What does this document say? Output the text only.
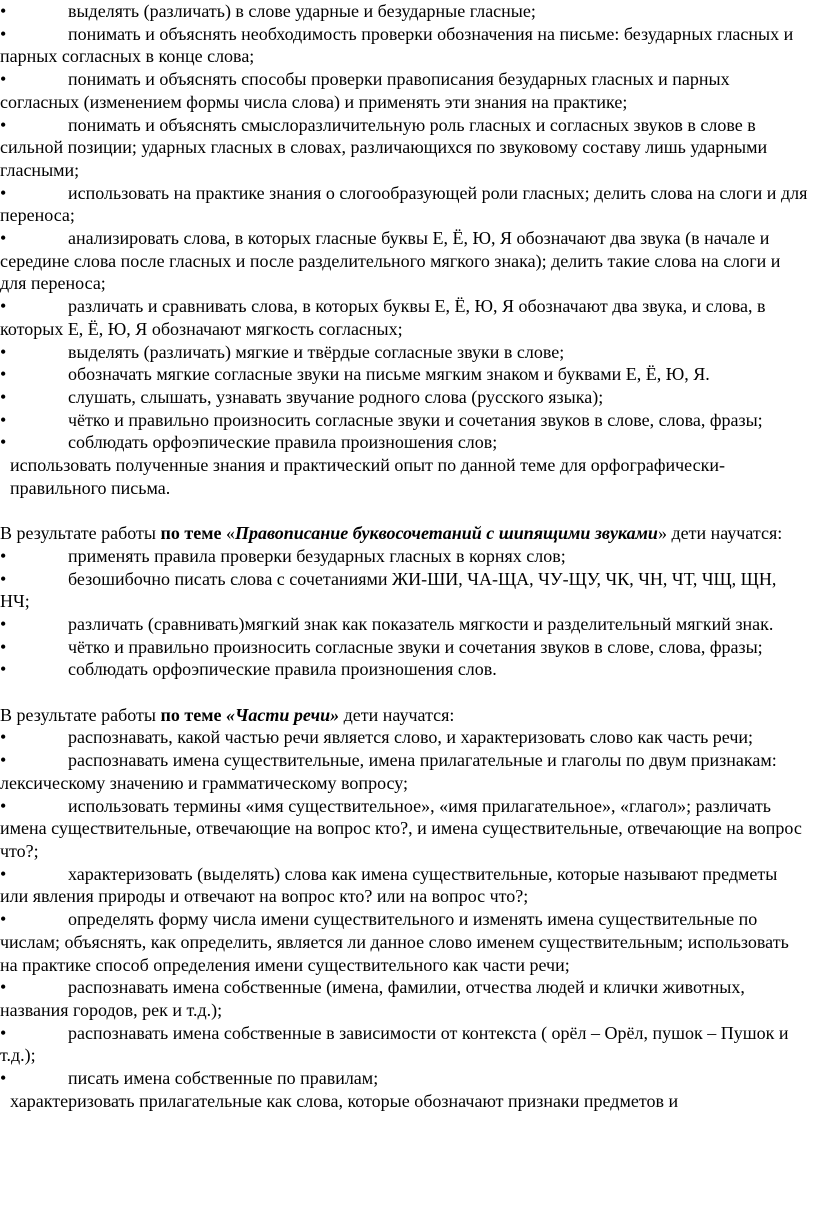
•	выделять (различать) в слове ударные и безударные гласные;
•	понимать и объяснять необходимость проверки обозначения на письме: безударных гласных и парных согласных в конце слова;
•	понимать и объяснять способы проверки правописания безударных гласных и парных согласных (изменением формы числа слова) и применять эти знания на практике;
•	понимать и объяснять смыслоразличительную роль гласных и согласных звуков в слове в сильной позиции; ударных гласных в словах, различающихся по звуковому составу лишь ударными гласными;
•	использовать на практике знания о слогообразующей роли гласных; делить слова на слоги и для переноса;
•	анализировать слова, в которых гласные буквы Е, Ё, Ю, Я обозначают два звука (в начале и середине слова после гласных и после разделительного мягкого знака); делить такие слова на слоги и для переноса;
•	различать и сравнивать слова, в которых буквы Е, Ё, Ю, Я обозначают два звука, и слова, в которых Е, Ё, Ю, Я обозначают мягкость согласных;
•	выделять (различать) мягкие и твёрдые согласные звуки в слове;
•	обозначать мягкие согласные звуки на письме мягким знаком и буквами Е, Ё, Ю, Я.
•	слушать, слышать, узнавать звучание родного слова (русского языка);
•	чётко и правильно произносить согласные звуки и сочетания звуков в слове, слова, фразы;
•	соблюдать орфоэпические правила произношения слов;
использовать полученные знания и практический опыт по данной теме для орфографически-правильного письма.
В результате работы по теме «Правописание буквосочетаний с шипящими звуками» дети научатся:
•	применять правила проверки безударных гласных в корнях слов;
•	безошибочно писать слова с сочетаниями ЖИ-ШИ, ЧА-ЩА, ЧУ-ЩУ, ЧК, ЧН, ЧТ, ЧЩ, ЩН, НЧ;
•	различать (сравнивать)мягкий знак как показатель мягкости и разделительный мягкий знак.
•	чётко и правильно произносить согласные звуки и сочетания звуков в слове, слова, фразы;
•	соблюдать орфоэпические правила произношения слов.
В результате работы по теме «Части речи» дети научатся:
•	распознавать, какой частью речи является слово, и характеризовать слово как часть речи;
•	распознавать имена существительные, имена прилагательные и глаголы по двум признакам: лексическому значению и грамматическому вопросу;
•	использовать термины «имя существительное», «имя прилагательное», «глагол»; различать имена существительные, отвечающие на вопрос кто?, и имена существительные, отвечающие на вопрос что?;
•	характеризовать (выделять) слова как имена существительные, которые называют предметы или явления природы и отвечают на вопрос кто? или на вопрос что?;
•	определять форму числа имени существительного и изменять имена существительные по числам; объяснять, как определить, является ли данное слово именем существительным; использовать на практике способ определения имени существительного как части речи;
•	распознавать имена собственные (имена, фамилии, отчества людей и клички животных, названия городов, рек и т.д.);
•	распознавать имена собственные в зависимости от контекста ( орёл – Орёл, пушок – Пушок и т.д.);
•	писать имена собственные по правилам;
характеризовать прилагательные как слова, которые обозначают признаки предметов и
